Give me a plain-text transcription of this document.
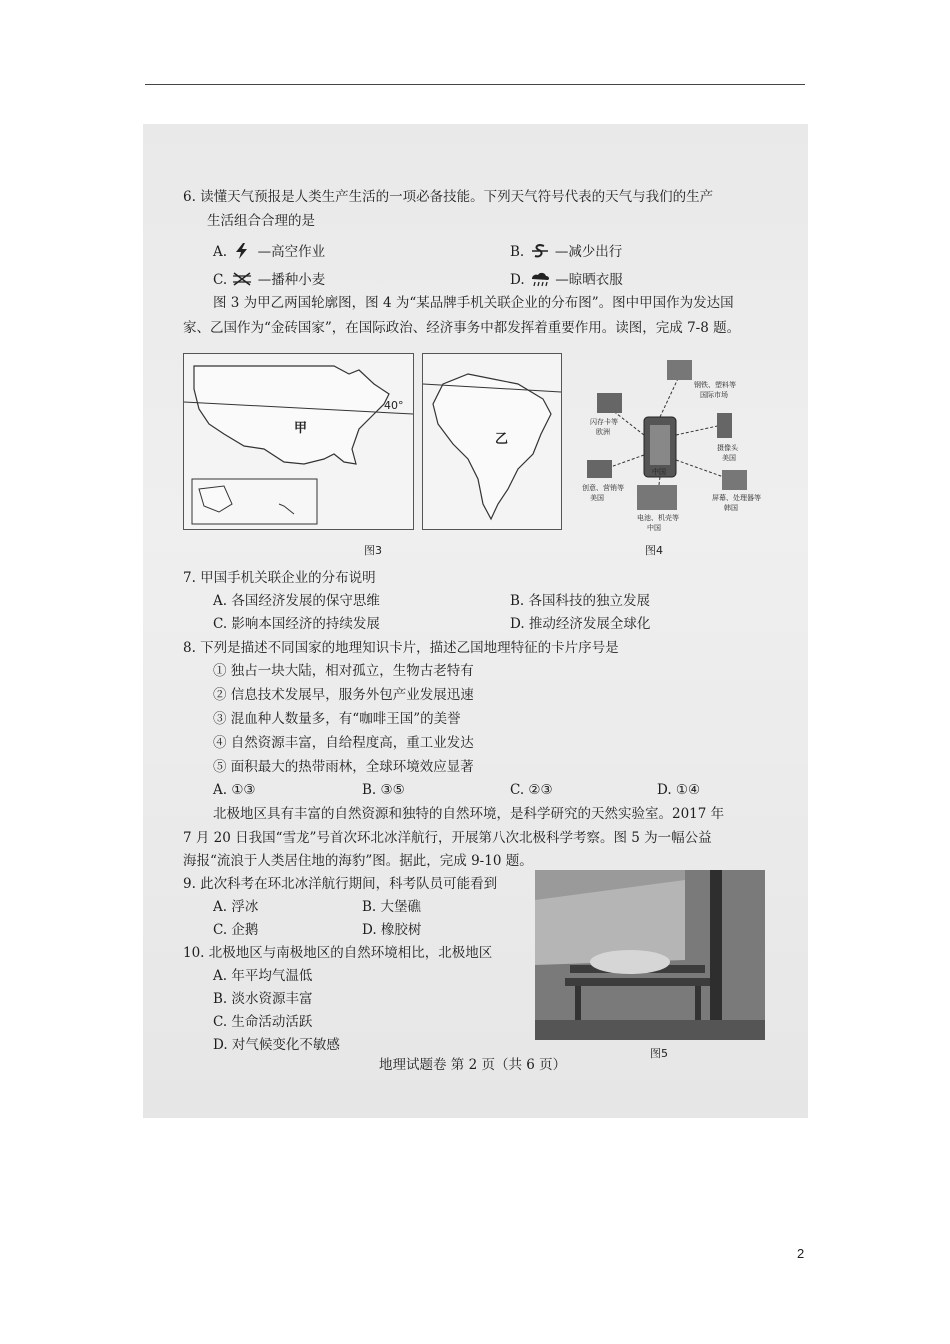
6. 读懂天气预报是人类生产生活的一项必备技能。下列天气符号代表的天气与我们的生产
生活组合合理的是
A. —高空作业	B. —减少出行
C. —播种小麦	D. —晾晒衣服
图 3 为甲乙两国轮廓图，图 4 为“某品牌手机关联企业的分布图”。图中甲国作为发达国
家、乙国作为“金砖国家”，在国际政治、经济事务中都发挥着重要作用。读图，完成 7-8 题。
甲
40°
乙
图3
钢铁、塑料等
国际市场
闪存卡等
欧洲
摄像头
美国
创意、营销等
美国
中国
屏幕、处理器等
韩国
电池、机壳等
中国
图4
7. 甲国手机关联企业的分布说明
A. 各国经济发展的保守思维	B. 各国科技的独立发展
C. 影响本国经济的持续发展	D. 推动经济发展全球化
8. 下列是描述不同国家的地理知识卡片，描述乙国地理特征的卡片序号是
① 独占一块大陆，相对孤立，生物古老特有
② 信息技术发展早，服务外包产业发展迅速
③ 混血种人数量多，有“咖啡王国”的美誉
④ 自然资源丰富，自给程度高，重工业发达
⑤ 面积最大的热带雨林，全球环境效应显著
A. ①③	B. ③⑤	C. ②③	D. ①④
北极地区具有丰富的自然资源和独特的自然环境，是科学研究的天然实验室。2017 年
7 月 20 日我国“雪龙”号首次环北冰洋航行，开展第八次北极科学考察。图 5 为一幅公益
海报“流浪于人类居住地的海豹”图。据此，完成 9-10 题。
9. 此次科考在环北冰洋航行期间，科考队员可能看到
A. 浮冰	B. 大堡礁
C. 企鹅	D. 橡胶树
10. 北极地区与南极地区的自然环境相比，北极地区
A. 年平均气温低
B. 淡水资源丰富
C. 生命活动活跃
D. 对气候变化不敏感
图5
地理试题卷 第 2 页（共 6 页）
2
